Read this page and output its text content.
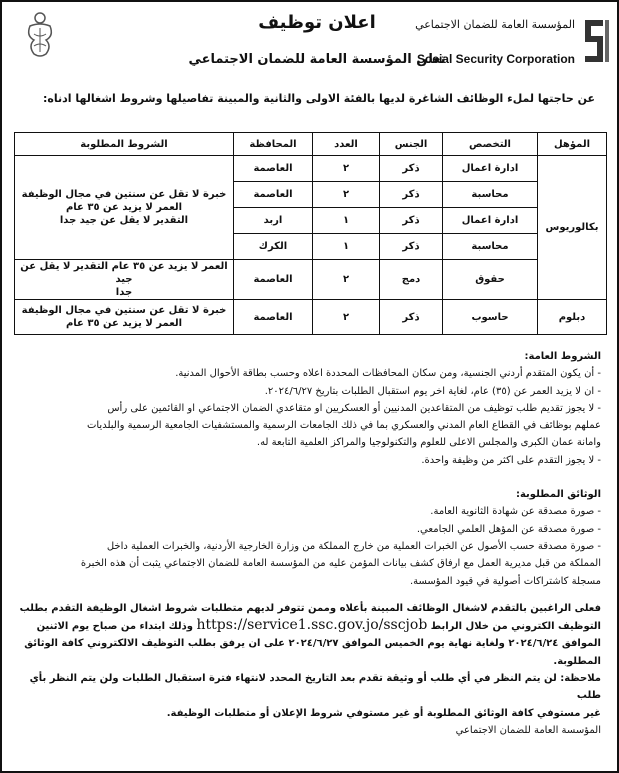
المؤسسة العامة للضمان الاجتماعي
Social Security Corporation
اعلان توظيف
تعلن المؤسسة العامة للضمان الاجتماعي
عن حاجتها لملء الوظائف الشاغرة لديها بالفئة الاولى والثانية والمبينة تفاصيلها وشروط اشغالها ادناه:
المؤهل	التخصص	الجنس	العدد	المحافظة	الشروط المطلوبة
بكالوريوس	ادارة اعمال	ذكر	٢	العاصمة	خبرة لا تقل عن سنتين في مجال الوظيفة
العمر لا يزيد عن ٣٥ عام
التقدير لا يقل عن جيد جدا

	محاسبة	ذكر	٢	العاصمة	
	ادارة اعمال	ذكر	١	اربد	
	محاسبة	ذكر	١	الكرك	
	حقوق	دمج	٢	العاصمة	العمر لا يزيد عن ٣٥ عام التقدير لا يقل عن جيد
جدا

دبلوم	حاسوب	ذكر	٢	العاصمة	خبرة لا تقل عن سنتين في مجال الوظيفة
العمر لا يزيد عن ٣٥ عام

الشروط العامة:

- أن يكون المتقدم أردني الجنسية، ومن سكان المحافظات المحددة اعلاه وحسب بطاقة الأحوال المدنية.

- ان لا يزيد العمر عن (٣٥) عام، لغاية اخر يوم استقبال الطلبات بتاريخ ٢٠٢٤/٦/٢٧.

- لا يجوز تقديم طلب توظيف من المتقاعدين المدنيين أو العسكريين او متقاعدي الضمان الاجتماعي او القائمين على رأس

عملهم بوظائف في القطاع العام المدني والعسكري بما في ذلك الجامعات الرسمية والمستشفيات الجامعية الرسمية والبلديات

وامانة عمان الكبرى والمجلس الاعلى للعلوم والتكنولوجيا والمراكز العلمية التابعة له.

- لا يجوز التقدم على اكثر من وظيفة واحدة.

الوثائق المطلوبة:

- صورة مصدقة عن شهادة الثانوية العامة.

- صورة مصدقة عن المؤهل العلمي الجامعي.

- صورة مصدقة حسب الأصول عن الخبرات العملية من خارج المملكة من وزارة الخارجية الأردنية، والخبرات العملية داخل

المملكة من قبل مديرية العمل مع ارفاق كشف بيانات المؤمن عليه من المؤسسة العامة للضمان الاجتماعي يثبت أن هذه الخبرة

مسجلة كاشتراكات أصولية في قيود المؤسسة.

فعلى الراغبين بالتقدم لاشغال الوظائف المبينة بأعلاه وممن تتوفر لديهم متطلبات شروط اشغال الوظيفة التقدم بطلب

التوظيف الكتروني من خلال الرابط https://service1.ssc.gov.jo/sscjob وذلك ابتداء من صباح يوم الاثنين

الموافق ٢٠٢٤/٦/٢٤ ولغاية نهاية يوم الخميس الموافق ٢٠٢٤/٦/٢٧ على ان يرفق بطلب التوظيف الالكتروني كافة الوثائق

المطلوبة.

ملاحظة: لن يتم النظر في أي طلب أو وثيقة تقدم بعد التاريخ المحدد لانتهاء فترة استقبال الطلبات ولن يتم النظر بأي طلب

غير مستوفي كافة الوثائق المطلوبة أو غير مستوفي شروط الإعلان أو متطلبات الوظيفة.

المؤسسة العامة للضمان الاجتماعي
